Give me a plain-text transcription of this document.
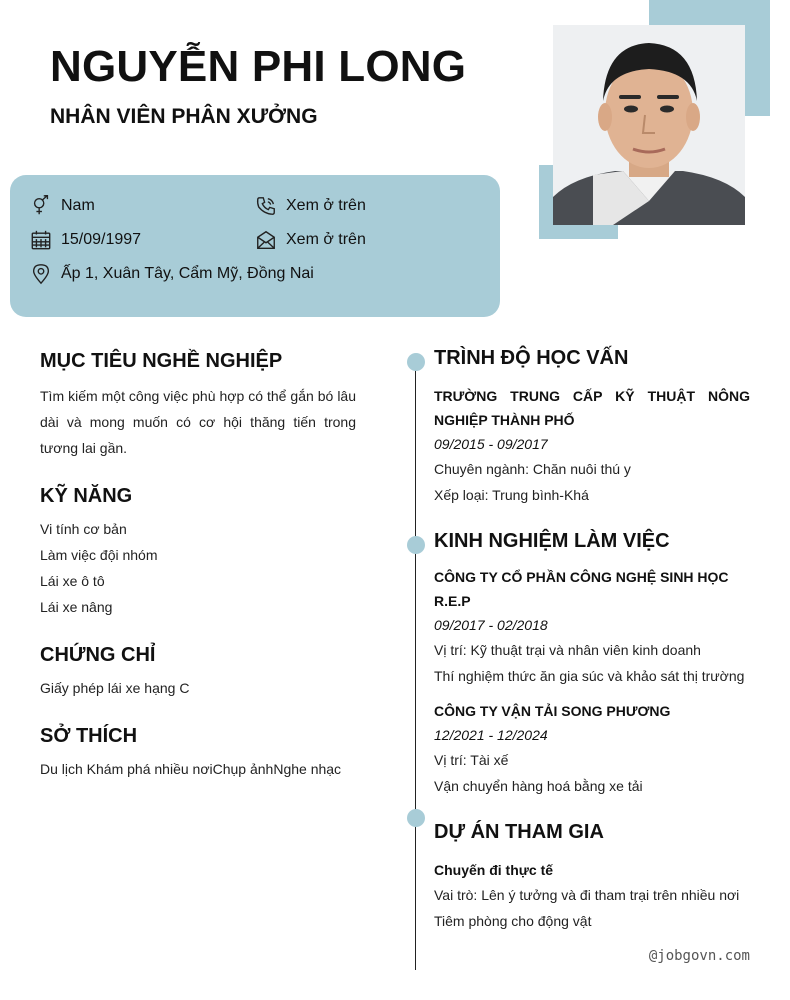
NGUYỄN PHI LONG
NHÂN VIÊN PHÂN XƯỞNG
Nam	Xem ở trên
15/09/1997	Xem ở trên
Ấp 1, Xuân Tây, Cẩm Mỹ, Đồng Nai
MỤC TIÊU NGHỀ NGHIỆP
Tìm kiếm một công việc phù hợp có thể gắn bó lâu dài và mong muốn có cơ hội thăng tiến trong tương lai gần.
KỸ NĂNG
Vi tính cơ bản
Làm việc đội nhóm
Lái xe ô tô
Lái xe nâng
CHỨNG CHỈ
Giấy phép lái xe hạng C
SỞ THÍCH
Du lịch Khám phá nhiều nơiChụp ảnhNghe nhạc
TRÌNH ĐỘ HỌC VẤN
TRƯỜNG TRUNG CẤP KỸ THUẬT NÔNG NGHIỆP THÀNH PHỐ
09/2015 - 09/2017
Chuyên ngành: Chăn nuôi thú y
Xếp loại: Trung bình-Khá
KINH NGHIỆM LÀM VIỆC
CÔNG TY CỔ PHẦN CÔNG NGHỆ SINH HỌC R.E.P
09/2017 - 02/2018
Vị trí: Kỹ thuật trại và nhân viên kinh doanh
Thí nghiệm thức ăn gia súc và khảo sát thị trường
CÔNG TY VẬN TẢI SONG PHƯƠNG
12/2021 - 12/2024
Vị trí: Tài xế
Vận chuyển hàng hoá bằng xe tải
DỰ ÁN THAM GIA
Chuyến đi thực tế
Vai trò: Lên ý tưởng và đi tham trại trên nhiều nơi
Tiêm phòng cho động vật
@jobgovn.com
